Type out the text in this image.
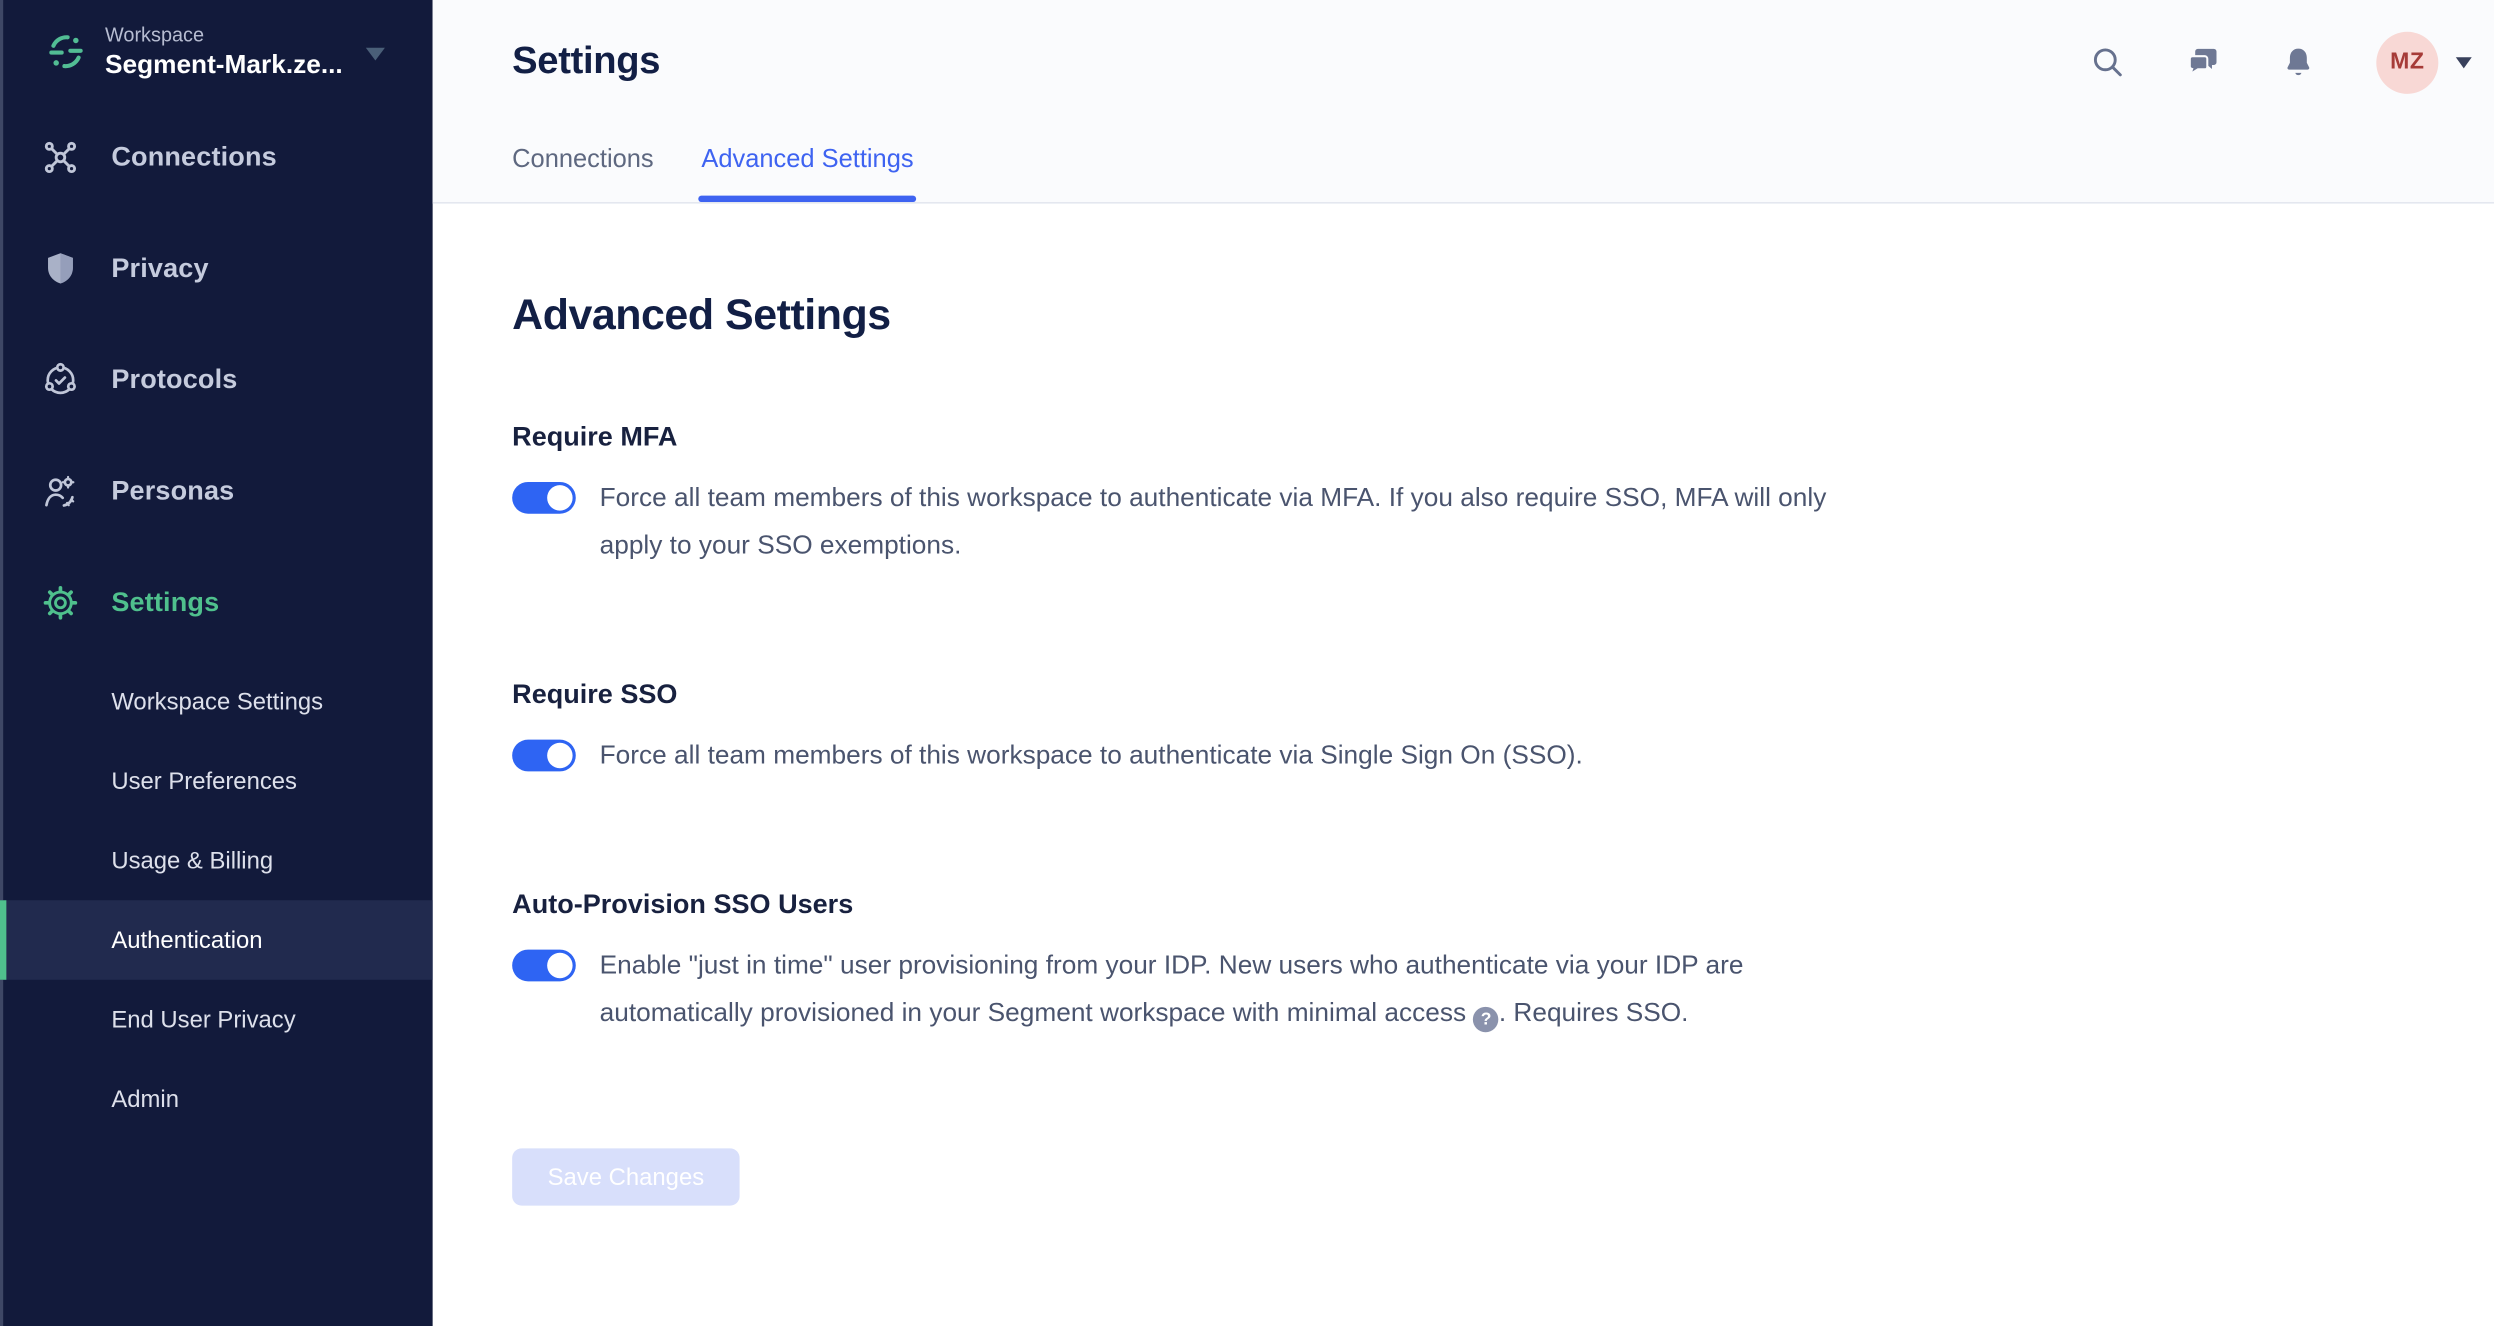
Workspace
Segment-Mark.ze...
Connections
Privacy
Protocols
Personas
Settings
Workspace Settings
User Preferences
Usage & Billing
Authentication
End User Privacy
Admin
Settings
Connections	Advanced Settings
MZ
Advanced Settings
Require MFA
Force all team members of this workspace to authenticate via MFA. If you also require SSO, MFA will only
apply to your SSO exemptions.
Require SSO
Force all team members of this workspace to authenticate via Single Sign On (SSO).
Auto-Provision SSO Users
Enable "just in time" user provisioning from your IDP. New users who authenticate via your IDP are
automatically provisioned in your Segment workspace with minimal access ? . Requires SSO.
Save Changes
